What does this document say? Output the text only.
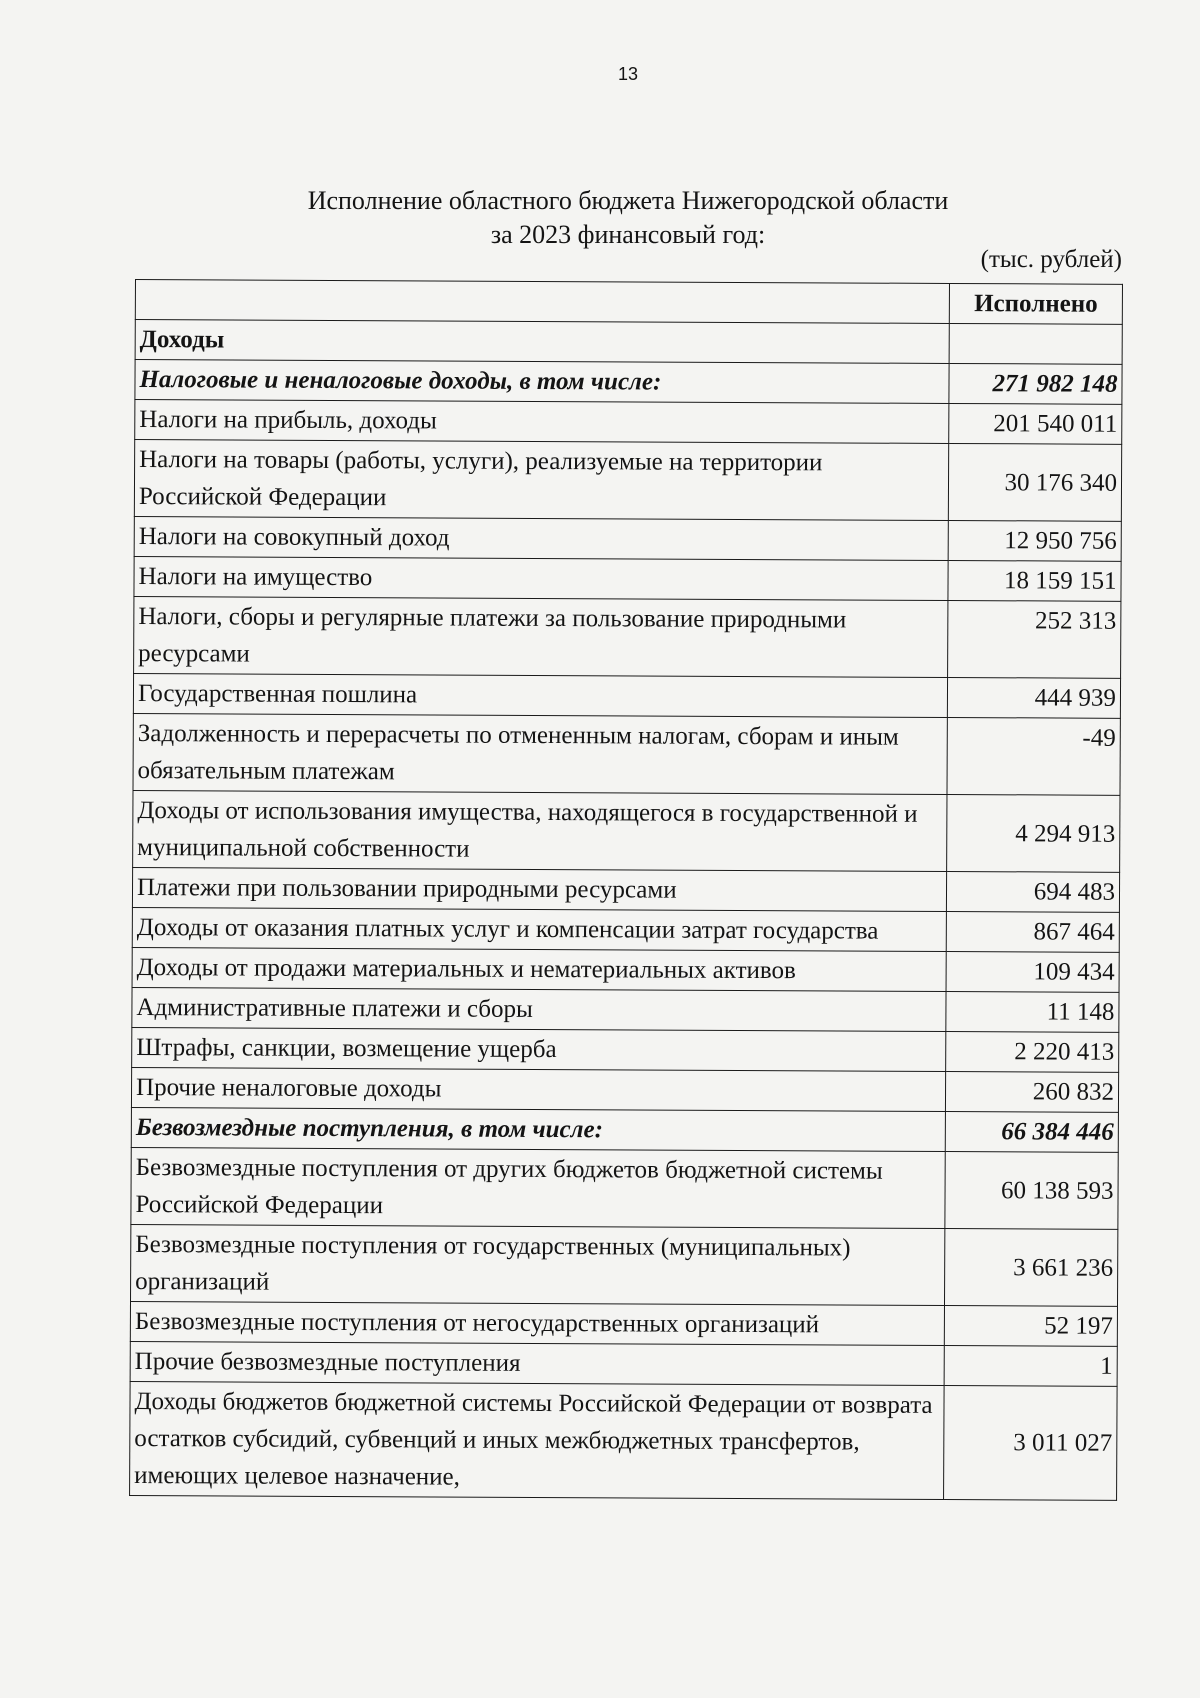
13
Исполнение областного бюджета Нижегородской области
за 2023 финансовый год:
(тыс. рублей)
	Исполнено
Доходы	
Налоговые и неналоговые доходы, в том числе:	271 982 148
Налоги на прибыль, доходы	201 540 011
Налоги на товары (работы, услуги), реализуемые на территории Российской Федерации	30 176 340
Налоги на совокупный доход	12 950 756
Налоги на имущество	18 159 151
Налоги, сборы и регулярные платежи за пользование природными ресурсами	252 313
Государственная пошлина	444 939
Задолженность и перерасчеты по отмененным налогам, сборам и иным обязательным платежам	-49
Доходы от использования имущества, находящегося в государственной и муниципальной собственности	4 294 913
Платежи при пользовании природными ресурсами	694 483
Доходы от оказания платных услуг и компенсации затрат государства	867 464
Доходы от продажи материальных и нематериальных активов	109 434
Административные платежи и сборы	11 148
Штрафы, санкции, возмещение ущерба	2 220 413
Прочие неналоговые доходы	260 832
Безвозмездные поступления, в том числе:	66 384 446
Безвозмездные поступления от других бюджетов бюджетной системы Российской Федерации	60 138 593
Безвозмездные поступления от государственных (муниципальных) организаций	3 661 236
Безвозмездные поступления от негосударственных организаций	52 197
Прочие безвозмездные поступления	1
Доходы бюджетов бюджетной системы Российской Федерации от возврата остатков субсидий, субвенций и иных межбюджетных трансфертов, имеющих целевое назначение,	3 011 027
